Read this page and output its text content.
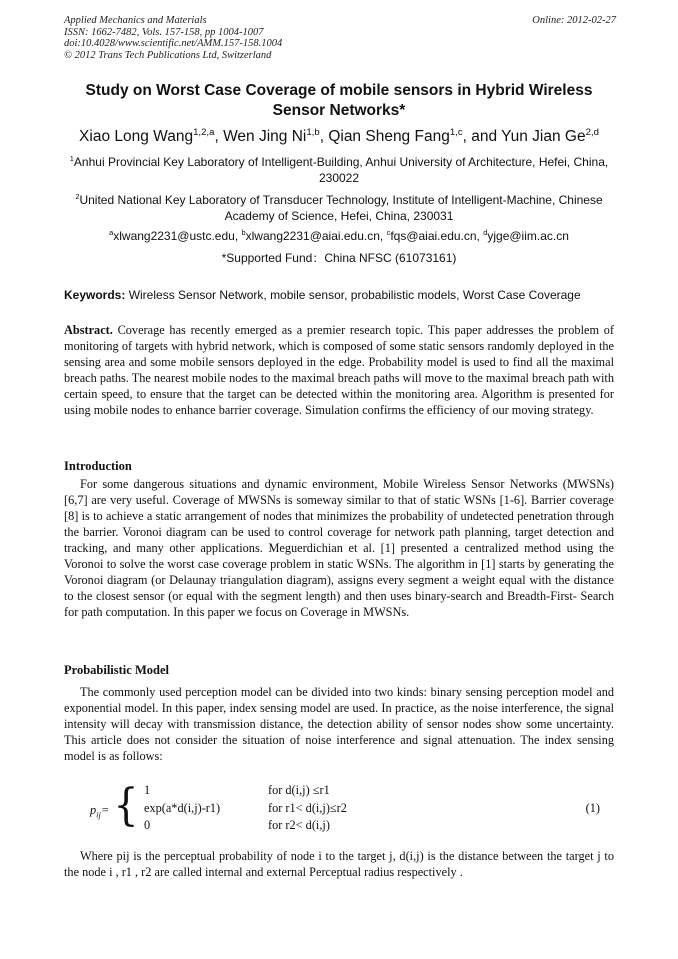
Applied Mechanics and Materials
ISSN: 1662-7482, Vols. 157-158, pp 1004-1007
doi:10.4028/www.scientific.net/AMM.157-158.1004
© 2012 Trans Tech Publications Ltd, Switzerland
Online: 2012-02-27
Study on Worst Case Coverage of mobile sensors in Hybrid Wireless Sensor Networks*
Xiao Long Wang$^{1,2,a}$, Wen Jing Ni$^{1,b}$, Qian Sheng Fang$^{1,c}$, and Yun Jian Ge$^{2,d}$
$^1$Anhui Provincial Key Laboratory of Intelligent-Building, Anhui University of Architecture, Hefei, China, 230022
$^2$United National Key Laboratory of Transducer Technology, Institute of Intelligent-Machine, Chinese Academy of Science, Hefei, China, 230031
$^a$xlwang2231@ustc.edu, $^b$xlwang2231@aiai.edu.cn, $^c$fqs@aiai.edu.cn, $^d$yjge@iim.ac.cn
*Supported Fund：China NFSC (61073161)
Keywords: Wireless Sensor Network, mobile sensor, probabilistic models, Worst Case Coverage
Abstract. Coverage has recently emerged as a premier research topic. This paper addresses the problem of monitoring of targets with hybrid network, which is composed of some static sensors randomly deployed in the sensing area and some mobile sensors deployed in the edge. Probability model is used to find all the maximal breach paths. The nearest mobile nodes to the maximal breach paths will move to the maximal breach path with certain speed, to ensure that the target can be detected within the monitoring area. Algorithm is presented for using mobile nodes to enhance barrier coverage. Simulation confirms the efficiency of our moving strategy.
Introduction
For some dangerous situations and dynamic environment, Mobile Wireless Sensor Networks (MWSNs) [6,7] are very useful. Coverage of MWSNs is someway similar to that of static WSNs [1-6]. Barrier coverage [8] is to achieve a static arrangement of nodes that minimizes the probability of undetected penetration through the barrier. Voronoi diagram can be used to control coverage for network path planning, target detection and tracking, and many other applications. Meguerdichian et al. [1] presented a centralized method using the Voronoi to solve the worst case coverage problem in static WSNs. The algorithm in [1] starts by generating the Voronoi diagram (or Delaunay triangulation diagram), assigns every segment a weight equal with the distance to the closest sensor (or equal with the segment length) and then uses binary-search and Breadth-First- Search for path computation. In this paper we focus on Coverage in MWSNs.
Probabilistic Model
The commonly used perception model can be divided into two kinds: binary sensing perception model and exponential model. In this paper, index sensing model are used. In practice, as the noise interference, the signal intensity will decay with transmission distance, the detection ability of sensor nodes show some uncertainty. This article does not consider the situation of noise interference and signal attenuation. The index sensing model is as follows:
$p_{ij}=$ { 1	for d(i,j) ≤r1
exp(a*d(i,j)-r1)	for r1< d(i,j)≤r2
0	for r2< d(i,j)
(1)
Where pij is the perceptual probability of node i to the target j, d(i,j) is the distance between the target j to the node i , r1 , r2 are called internal and external Perceptual radius respectively .
